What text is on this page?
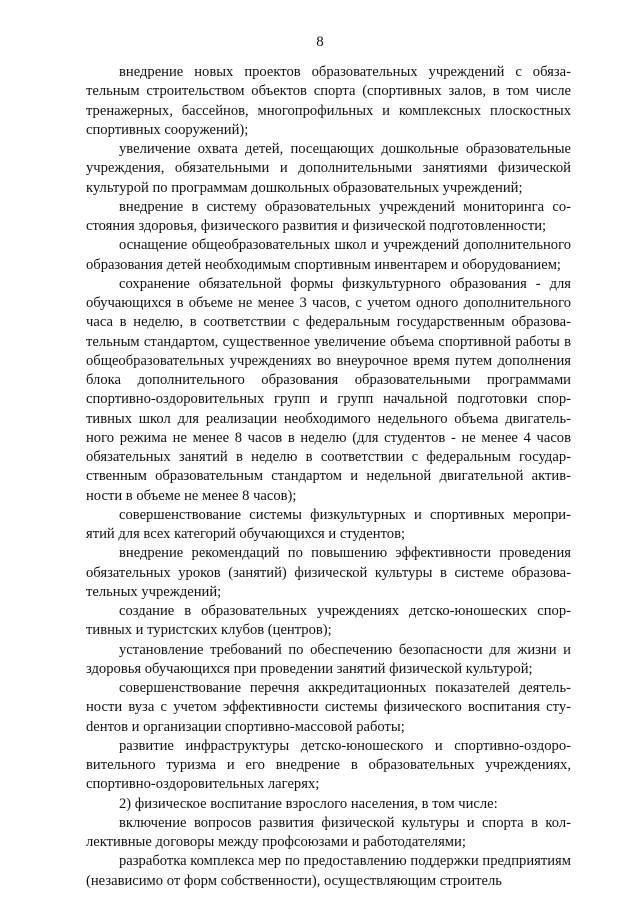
8

внедрение новых проектов образовательных учреждений с обязательным строительством объектов спорта (спортивных залов, в том числе тренажерных, бассейнов, многопрофильных и комплексных плоскостных спортивных сооружений);

увеличение охвата детей, посещающих дошкольные образовательные учреждения, обязательными и дополнительными занятиями физической культурой по программам дошкольных образовательных учреждений;

внедрение в систему образовательных учреждений мониторинга состояния здоровья, физического развития и физической подготовленности;

оснащение общеобразовательных школ и учреждений дополнительного образования детей необходимым спортивным инвентарем и оборудованием;

сохранение обязательной формы физкультурного образования - для обучающихся в объеме не менее 3 часов, с учетом одного дополнительного часа в неделю, в соответствии с федеральным государственным образовательным стандартом, существенное увеличение объема спортивной работы в общеобразовательных учреждениях во внеурочное время путем дополнения блока дополнительного образования образовательными программами спортивно-оздоровительных групп и групп начальной подготовки спортивных школ для реализации необходимого недельного объема двигательного режима не менее 8 часов в неделю (для студентов - не менее 4 часов обязательных занятий в неделю в соответствии с федеральным государственным образовательным стандартом и недельной двигательной активности в объеме не менее 8 часов);

совершенствование системы физкультурных и спортивных мероприятий для всех категорий обучающихся и студентов;

внедрение рекомендаций по повышению эффективности проведения обязательных уроков (занятий) физической культуры в системе образовательных учреждений;

создание в образовательных учреждениях детско-юношеских спортивных и туристских клубов (центров);

установление требований по обеспечению безопасности для жизни и здоровья обучающихся при проведении занятий физической культурой;

совершенствование перечня аккредитационных показателей деятельности вуза с учетом эффективности системы физического воспитания стуdентов и организации спортивно-массовой работы;

развитие инфраструктуры детско-юношеского и спортивно-оздоровительного туризма и его внедрение в образовательных учреждениях, спортивно-оздоровительных лагерях;

2) физическое воспитание взрослого населения, в том числе:

включение вопросов развития физической культуры и спорта в коллективные договоры между профсоюзами и работодателями;

разработка комплекса мер по предоставлению поддержки предприятиям (независимо от форм собственности), осуществляющим строитель
